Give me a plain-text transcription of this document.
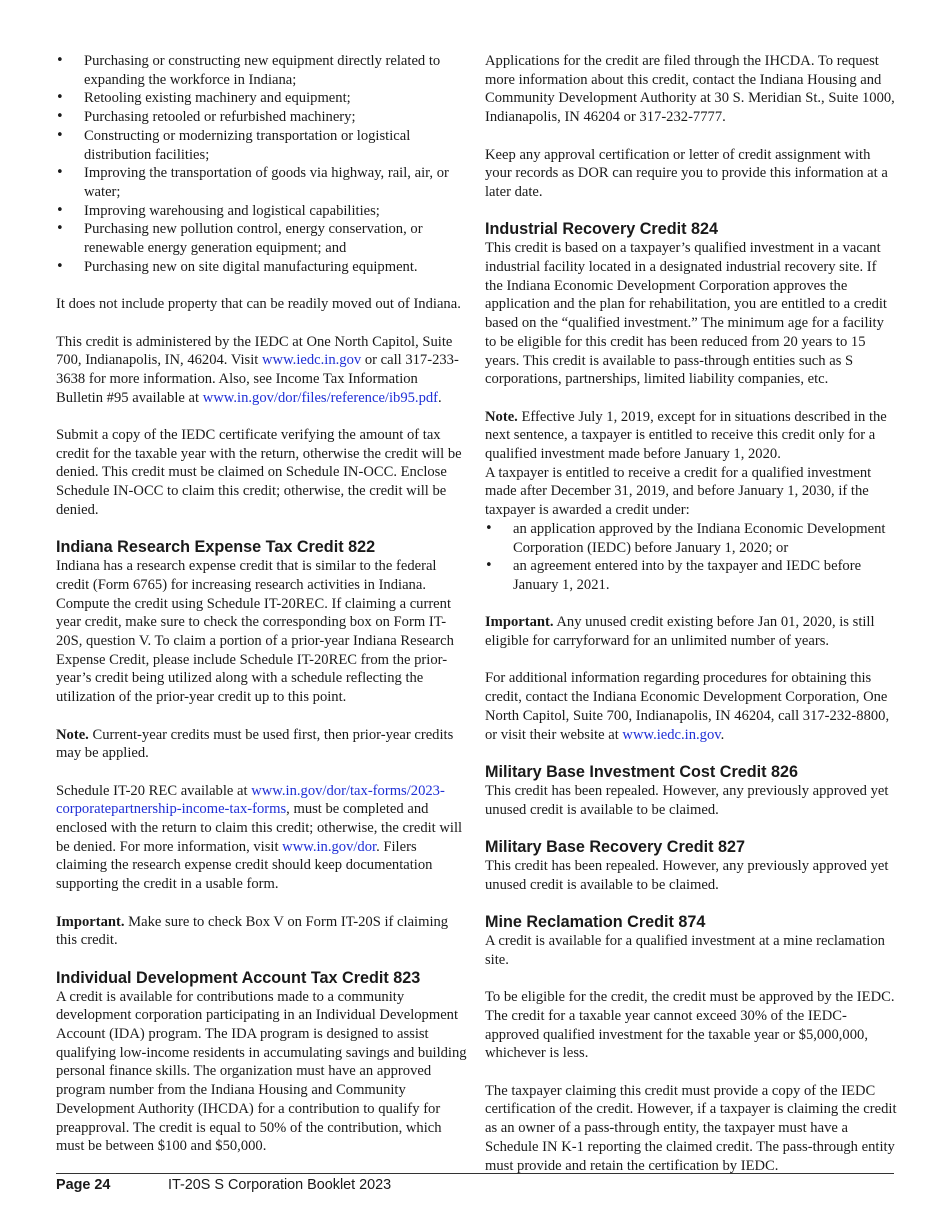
• Purchasing or constructing new equipment directly related to expanding the workforce in Indiana;
• Retooling existing machinery and equipment;
• Purchasing retooled or refurbished machinery;
• Constructing or modernizing transportation or logistical distribution facilities;
• Improving the transportation of goods via highway, rail, air, or water;
• Improving warehousing and logistical capabilities;
• Purchasing new pollution control, energy conservation, or renewable energy generation equipment; and
• Purchasing new on site digital manufacturing equipment.

It does not include property that can be readily moved out of Indiana.

This credit is administered by the IEDC at One North Capitol, Suite 700, Indianapolis, IN, 46204. Visit www.iedc.in.gov or call 317-233-3638 for more information. Also, see Income Tax Information Bulletin #95 available at www.in.gov/dor/files/reference/ib95.pdf.

Submit a copy of the IEDC certificate verifying the amount of tax credit for the taxable year with the return, otherwise the credit will be denied. This credit must be claimed on Schedule IN-OCC. Enclose Schedule IN-OCC to claim this credit; otherwise, the credit will be denied.

Indiana Research Expense Tax Credit 822

Indiana has a research expense credit that is similar to the federal credit (Form 6765) for increasing research activities in Indiana. Compute the credit using Schedule IT-20REC. If claiming a current year credit, make sure to check the corresponding box on Form IT-20S, question V. To claim a portion of a prior-year Indiana Research Expense Credit, please include Schedule IT-20REC from the prior-year’s credit being utilized along with a schedule reflecting the utilization of the prior-year credit up to this point.

Note. Current-year credits must be used first, then prior-year credits may be applied.

Schedule IT-20 REC available at www.in.gov/dor/tax-forms/2023-corporatepartnership-income-tax-forms, must be completed and enclosed with the return to claim this credit; otherwise, the credit will be denied. For more information, visit www.in.gov/dor. Filers claiming the research expense credit should keep documentation supporting the credit in a usable form.

Important. Make sure to check Box V on Form IT-20S if claiming this credit.

Individual Development Account Tax Credit 823

A credit is available for contributions made to a community development corporation participating in an Individual Development Account (IDA) program. The IDA program is designed to assist qualifying low-income residents in accumulating savings and building personal finance skills. The organization must have an approved program number from the Indiana Housing and Community Development Authority (IHCDA) for a contribution to qualify for preapproval. The credit is equal to 50% of the contribution, which must be between $100 and $50,000.

Applications for the credit are filed through the IHCDA. To request more information about this credit, contact the Indiana Housing and Community Development Authority at 30 S. Meridian St., Suite 1000, Indianapolis, IN 46204 or 317-232-7777.

Keep any approval certification or letter of credit assignment with your records as DOR can require you to provide this information at a later date.

Industrial Recovery Credit 824

This credit is based on a taxpayer’s qualified investment in a vacant industrial facility located in a designated industrial recovery site. If the Indiana Economic Development Corporation approves the application and the plan for rehabilitation, you are entitled to a credit based on the “qualified investment.” The minimum age for a facility to be eligible for this credit has been reduced from 20 years to 15 years. This credit is available to pass-through entities such as S corporations, partnerships, limited liability companies, etc.

Note. Effective July 1, 2019, except for in situations described in the next sentence, a taxpayer is entitled to receive this credit only for a qualified investment made before January 1, 2020.

A taxpayer is entitled to receive a credit for a qualified investment made after December 31, 2019, and before January 1, 2030, if the taxpayer is awarded a credit under:

• an application approved by the Indiana Economic Development Corporation (IEDC) before January 1, 2020; or
• an agreement entered into by the taxpayer and IEDC before January 1, 2021.

Important. Any unused credit existing before Jan 01, 2020, is still eligible for carryforward for an unlimited number of years.

For additional information regarding procedures for obtaining this credit, contact the Indiana Economic Development Corporation, One North Capitol, Suite 700, Indianapolis, IN 46204, call 317-232-8800, or visit their website at www.iedc.in.gov.

Military Base Investment Cost Credit 826

This credit has been repealed. However, any previously approved yet unused credit is available to be claimed.

Military Base Recovery Credit 827

This credit has been repealed. However, any previously approved yet unused credit is available to be claimed.

Mine Reclamation Credit 874

A credit is available for a qualified investment at a mine reclamation site.

To be eligible for the credit, the credit must be approved by the IEDC. The credit for a taxable year cannot exceed 30% of the IEDC-approved qualified investment for the taxable year or $5,000,000, whichever is less.

The taxpayer claiming this credit must provide a copy of the IEDC certification of the credit. However, if a taxpayer is claiming the credit as an owner of a pass-through entity, the taxpayer must have a Schedule IN K-1 reporting the claimed credit. The pass-through entity must provide and retain the certification by IEDC.

Page 24	IT-20S S Corporation Booklet 2023
